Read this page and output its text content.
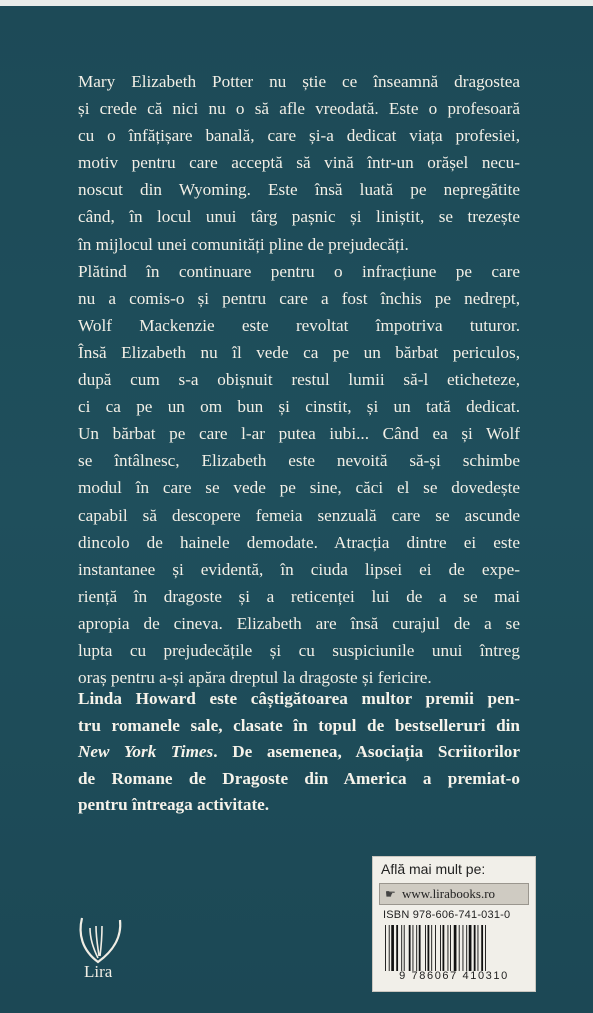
Mary Elizabeth Potter nu știe ce înseamnă dragostea
și crede că nici nu o să afle vreodată. Este o profesoară
cu o înfățișare banală, care și-a dedicat viața profesiei,
motiv pentru care acceptă să vină într-un orășel necu-
noscut din Wyoming. Este însă luată pe nepregătite
când, în locul unui târg pașnic și liniștit, se trezește
în mijlocul unei comunități pline de prejudecăți.
Plătind în continuare pentru o infracțiune pe care
nu a comis-o și pentru care a fost închis pe nedrept,
Wolf Mackenzie este revoltat împotriva tuturor.
Însă Elizabeth nu îl vede ca pe un bărbat periculos,
după cum s-a obișnuit restul lumii să-l eticheteze,
ci ca pe un om bun și cinstit, și un tată dedicat.
Un bărbat pe care l-ar putea iubi... Când ea și Wolf
se întâlnesc, Elizabeth este nevoită să-și schimbe
modul în care se vede pe sine, căci el se dovedește
capabil să descopere femeia senzuală care se ascunde
dincolo de hainele demodate. Atracția dintre ei este
instantanee și evidentă, în ciuda lipsei ei de expe-
riență în dragoste și a reticenței lui de a se mai
apropia de cineva. Elizabeth are însă curajul de a se
lupta cu prejudecățile și cu suspiciunile unui întreg
oraș pentru a-și apăra dreptul la dragoste și fericire.
Linda Howard este câștigătoarea multor premii pen-
tru romanele sale, clasate în topul de bestselleruri din
New York Times. De asemenea, Asociația Scriitorilor
de Romane de Dragoste din America a premiat-o
pentru întreaga activitate.
Lira
Află mai mult pe:
☛ www.lirabooks.ro
ISBN 978-606-741-031-0
9 786067 410310
